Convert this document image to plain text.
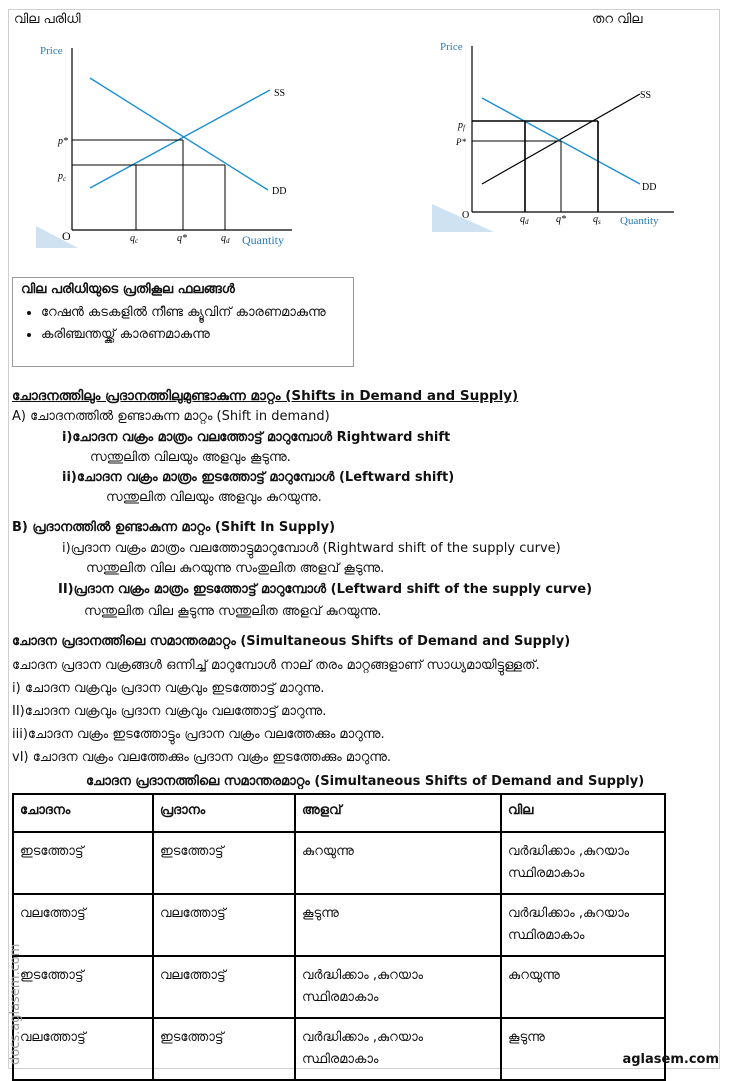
വില പരിധി	തറ വില
Price
Quantity
O
SS
DD
p*
$p_c$
$q_c$	q*	$q_d$
Price
Quantity
O
SS
DD
$p_f$
P*
$q_d$	q*	$q_s$
വില പരിധിയുടെ പ്രതികൂല ഫലങ്ങൾ
• റേഷൻ കടകളിൽ നീണ്ട ക്യൂവിന് കാരണമാകുന്നു
• കരിഞ്ചന്തയ്ക്ക് കാരണമാകുന്നു
ചോദനത്തിലും പ്രദാനത്തിലുമുണ്ടാകുന്ന മാറ്റം (Shifts in Demand and Supply)
A) ചോദനത്തിൽ ഉണ്ടാകുന്ന മാറ്റം (Shift in demand)
i)ചോദന വക്രം മാത്രം വലത്തോട്ട് മാറുമ്പോൾ Rightward shift
സന്തുലിത വിലയും അളവും കൂടുന്നു.
ii)ചോദന വക്രം മാത്രം ഇടത്തോട്ട് മാറുമ്പോൾ (Leftward shift)
സന്തുലിത വിലയും അളവും കുറയുന്നു.
B) പ്രദാനത്തിൽ ഉണ്ടാകുന്ന മാറ്റം (Shift In Supply)
i)പ്രദാന വക്രം മാത്രം വലത്തോട്ടുമാറുമ്പോൾ (Rightward shift of the supply curve)
സന്തുലിത വില കുറയുന്നു സംതുലിത അളവ് കൂടുന്നു.
II)പ്രദാന വക്രം മാത്രം ഇടത്തോട്ട് മാറുമ്പോൾ (Leftward shift of the supply curve)
സന്തുലിത വില കൂടുന്നു സന്തുലിത അളവ് കുറയുന്നു.
ചോദന പ്രദാനത്തിലെ സമാന്തരമാറ്റം (Simultaneous Shifts of Demand and Supply)
ചോദന പ്രദാന വക്രങ്ങൾ ഒന്നിച്ച് മാറുമ്പോൾ നാല് തരം മാറ്റങ്ങളാണ് സാധ്യമായിട്ടുള്ളത്.
i) ചോദന വക്രവും പ്രദാന വക്രവും ഇടത്തോട്ട് മാറുന്നു.
II)ചോദന വക്രവും പ്രദാന വക്രവും വലത്തോട്ട് മാറുന്നു.
iii)ചോദന വക്രം ഇടത്തോട്ടും പ്രദാന വക്രം വലത്തേക്കും മാറുന്നു.
vI) ചോദന വക്രം വലത്തേക്കും പ്രദാന വക്രം ഇടത്തേക്കും മാറുന്നു.
ചോദന പ്രദാനത്തിലെ സമാന്തരമാറ്റം (Simultaneous Shifts of Demand and Supply)
ചോദനം	പ്രദാനം	അളവ്	വില
ഇടത്തോട്ട്	ഇടത്തോട്ട്	കുറയുന്നു	വർദ്ധിക്കാം ,കുറയാം സ്ഥിരമാകാം
വലത്തോട്ട്	വലത്തോട്ട്	കൂടുന്നു	വർദ്ധിക്കാം ,കുറയാം സ്ഥിരമാകാം
ഇടത്തോട്ട്	വലത്തോട്ട്	വർദ്ധിക്കാം ,കുറയാം സ്ഥിരമാകാം	കുറയുന്നു
വലത്തോട്ട്	ഇടത്തോട്ട്	വർദ്ധിക്കാം ,കുറയാം സ്ഥിരമാകാം	കൂടുന്നു
docs.aglasem.com	aglasem.com
